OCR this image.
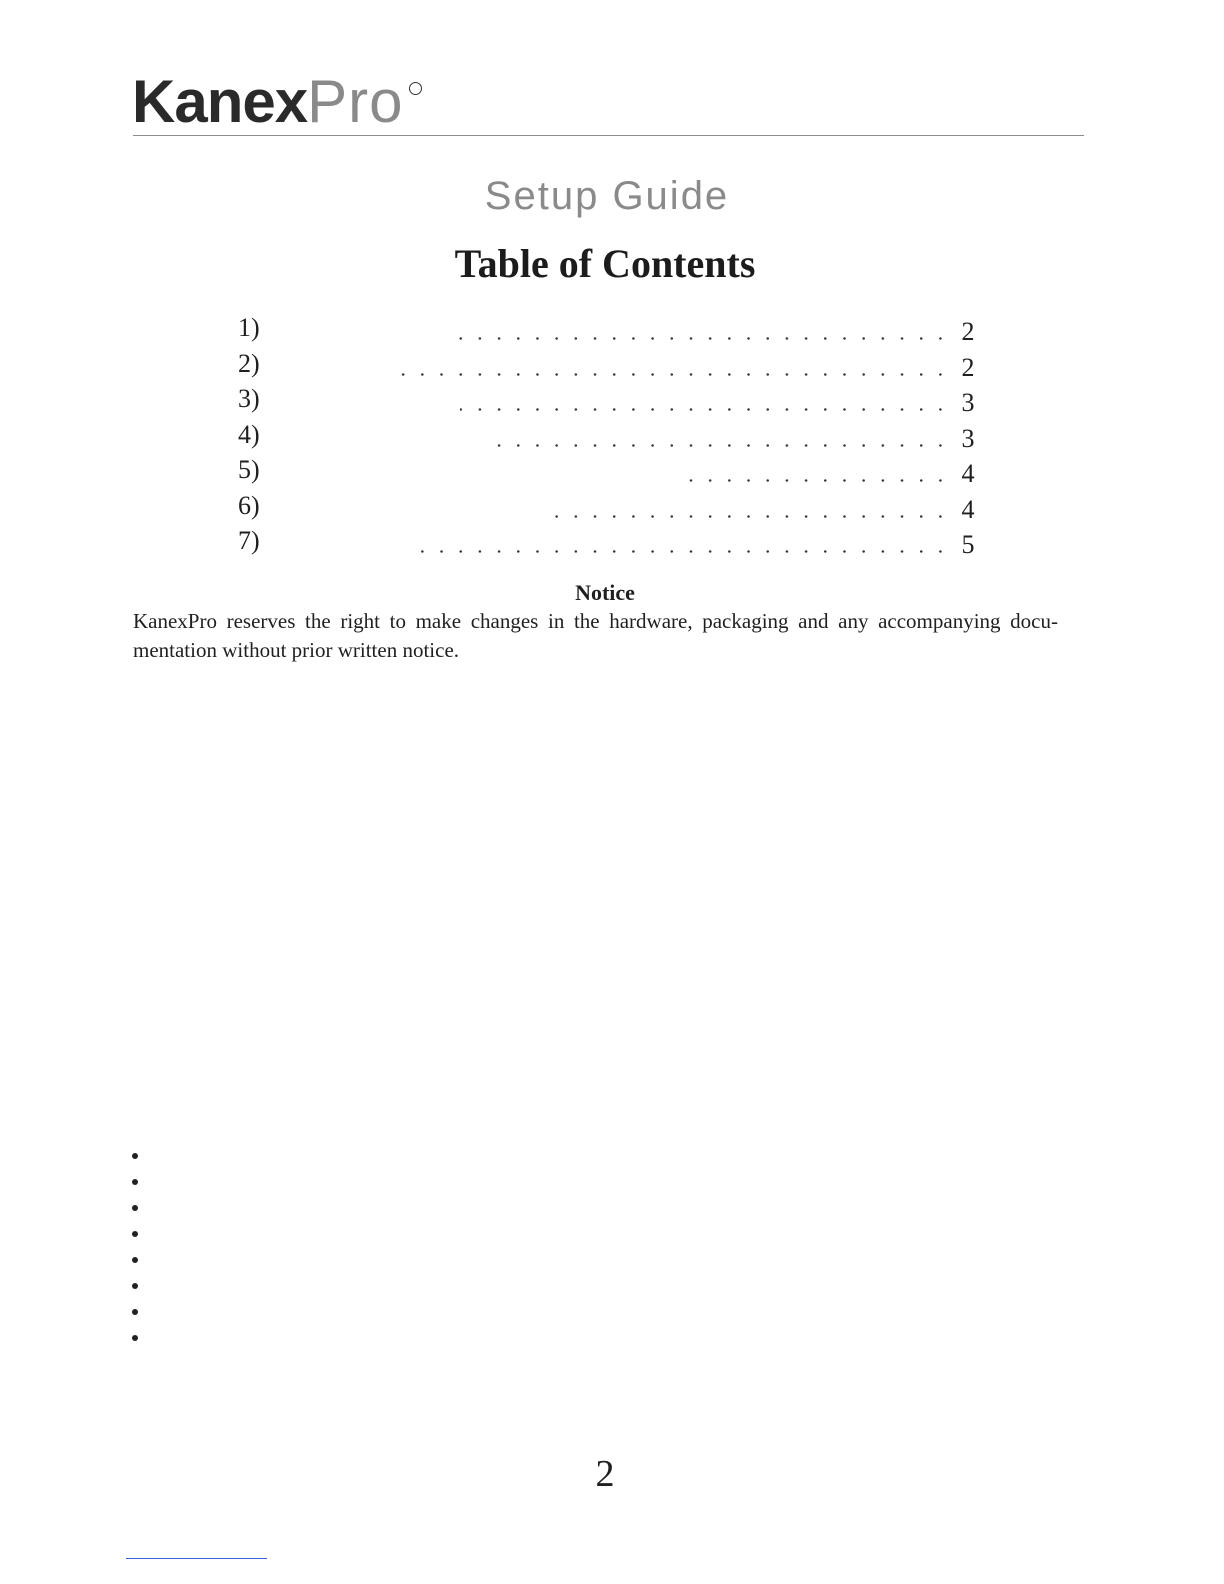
KanexPro
Setup Guide
Table of Contents
1)	2
2)	2
3)	3
4)	3
5)	4
6)	4
7)	5
Notice
KanexPro reserves the right to make changes in the hardware, packaging and any accompanying docu-mentation without prior written notice.
2
